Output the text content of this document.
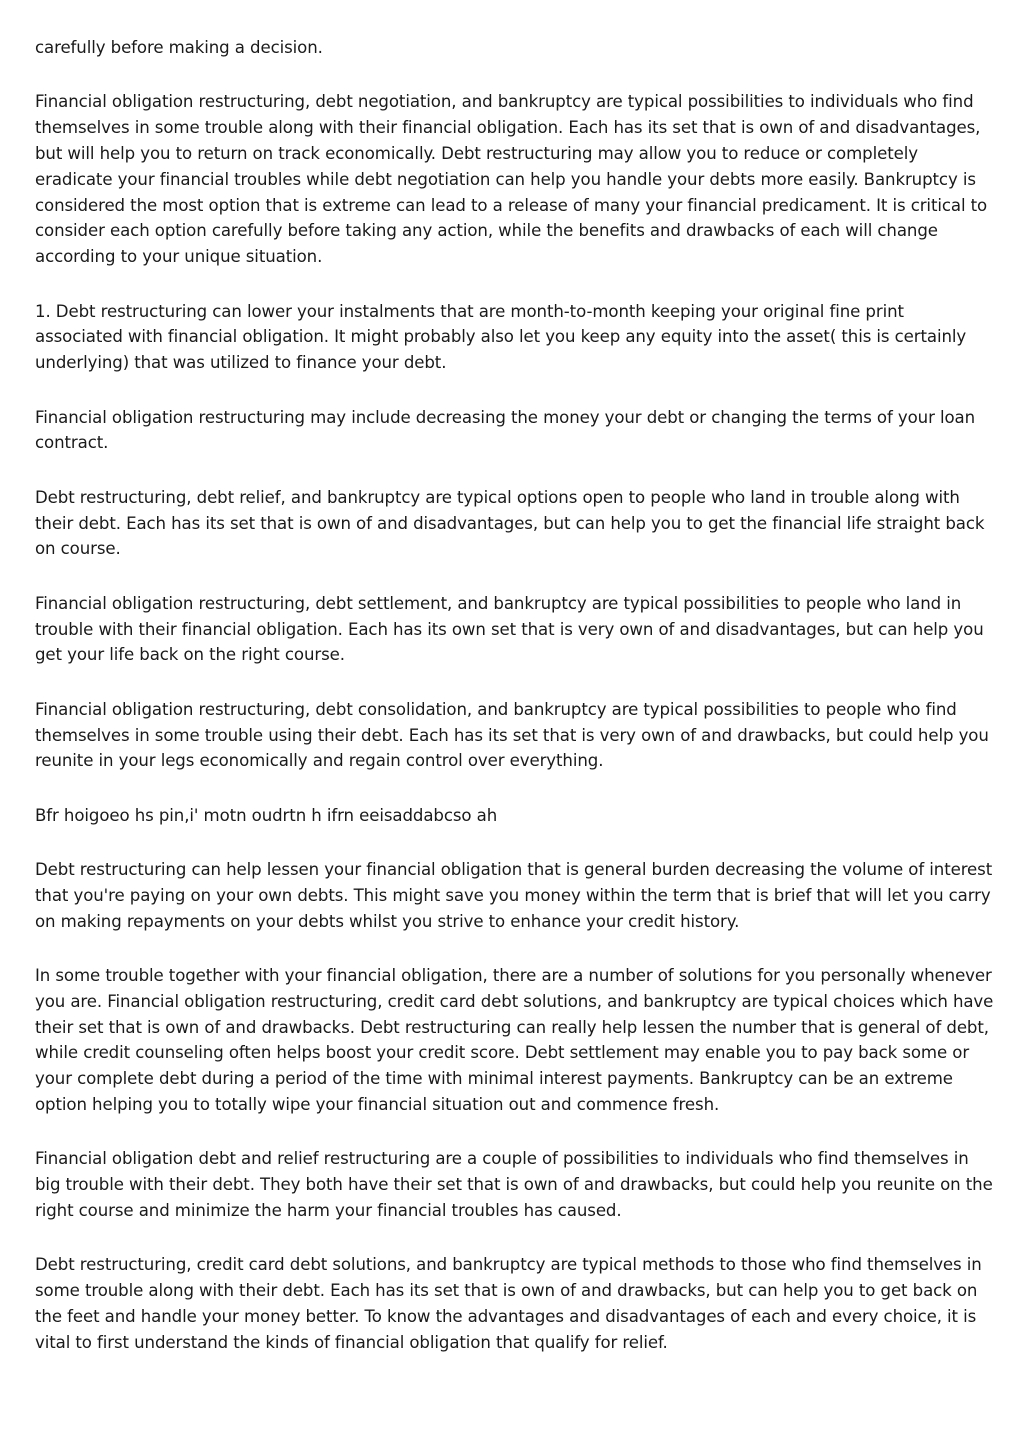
carefully before making a decision.

Financial obligation restructuring, debt negotiation, and bankruptcy are typical possibilities to individuals who find themselves in some trouble along with their financial obligation. Each has its set that is own of and disadvantages, but will help you to return on track economically. Debt restructuring may allow you to reduce or completely eradicate your financial troubles while debt negotiation can help you handle your debts more easily. Bankruptcy is considered the most option that is extreme can lead to a release of many your financial predicament. It is critical to consider each option carefully before taking any action, while the benefits and drawbacks of each will change according to your unique situation.

1. Debt restructuring can lower your instalments that are month-to-month keeping your original fine print associated with financial obligation. It might probably also let you keep any equity into the asset( this is certainly underlying) that was utilized to finance your debt.

Financial obligation restructuring may include decreasing the money your debt or changing the terms of your loan contract.

Debt restructuring, debt relief, and bankruptcy are typical options open to people who land in trouble along with their debt. Each has its set that is own of and disadvantages, but can help you to get the financial life straight back on course.

Financial obligation restructuring, debt settlement, and bankruptcy are typical possibilities to people who land in trouble with their financial obligation. Each has its own set that is very own of and disadvantages, but can help you get your life back on the right course.

Financial obligation restructuring, debt consolidation, and bankruptcy are typical possibilities to people who find themselves in some trouble using their debt. Each has its set that is very own of and drawbacks, but could help you reunite in your legs economically and regain control over everything.

Bfr hoigoeo hs pin,i' motn oudrtn h ifrn eeisaddabcso ah

Debt restructuring can help lessen your financial obligation that is general burden decreasing the volume of interest that you're paying on your own debts. This might save you money within the term that is brief that will let you carry on making repayments on your debts whilst you strive to enhance your credit history.

In some trouble together with your financial obligation, there are a number of solutions for you personally whenever you are. Financial obligation restructuring, credit card debt solutions, and bankruptcy are typical choices which have their set that is own of and drawbacks. Debt restructuring can really help lessen the number that is general of debt, while credit counseling often helps boost your credit score. Debt settlement may enable you to pay back some or your complete debt during a period of the time with minimal interest payments. Bankruptcy can be an extreme option helping you to totally wipe your financial situation out and commence fresh.

Financial obligation debt and relief restructuring are a couple of possibilities to individuals who find themselves in big trouble with their debt. They both have their set that is own of and drawbacks, but could help you reunite on the right course and minimize the harm your financial troubles has caused.

Debt restructuring, credit card debt solutions, and bankruptcy are typical methods to those who find themselves in some trouble along with their debt. Each has its set that is own of and drawbacks, but can help you to get back on the feet and handle your money better. To know the advantages and disadvantages of each and every choice, it is vital to first understand the kinds of financial obligation that qualify for relief.
